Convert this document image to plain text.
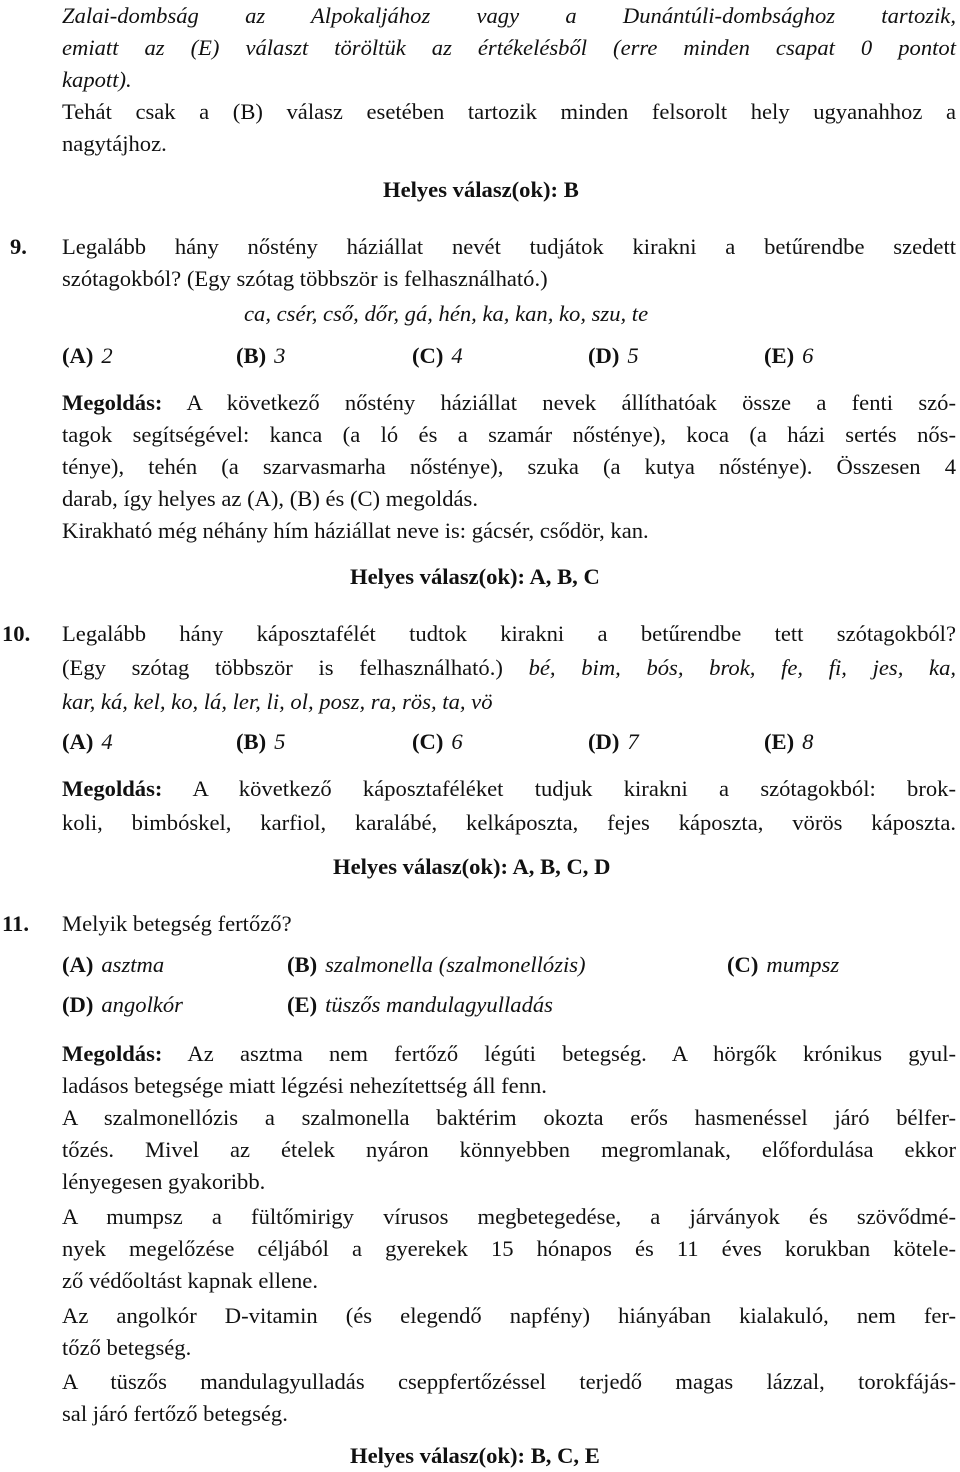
Zalai-dombság az Alpokaljához vagy a Dunántúli-dombsághoz tartozik,
emiatt az (E) választ töröltük az értékelésből (erre minden csapat 0 pontot
kapott).
Tehát csak a (B) válasz esetében tartozik minden felsorolt hely ugyanahhoz a
nagytájhoz.
Helyes válasz(ok): B
9. Legalább hány nőstény háziállat nevét tudjátok kirakni a betűrendbe szedett
szótagokból? (Egy szótag többször is felhasználható.)
ca, csér, cső, dőr, gá, hén, ka, kan, ko, szu, te
(A) 2	(B) 3	(C) 4	(D) 5	(E) 6
Megoldás: A következő nőstény háziállat nevek állíthatóak össze a fenti szó-
tagok segítségével: kanca (a ló és a szamár nősténye), koca (a házi sertés nős-
ténye), tehén (a szarvasmarha nősténye), szuka (a kutya nősténye). Összesen 4
darab, így helyes az (A), (B) és (C) megoldás.
Kirakható még néhány hím háziállat neve is: gácsér, csődör, kan.
Helyes válasz(ok): A, B, C
10. Legalább hány káposztafélét tudtok kirakni a betűrendbe tett szótagokból?
(Egy szótag többször is felhasználható.) bé, bim, bós, brok, fe, fi, jes, ka,
kar, ká, kel, ko, lá, ler, li, ol, posz, ra, rös, ta, vö
(A) 4	(B) 5	(C) 6	(D) 7	(E) 8
Megoldás: A következő káposztaféléket tudjuk kirakni a szótagokból: brok-
koli, bimbóskel, karfiol, karalábé, kelkáposzta, fejes káposzta, vörös káposzta.
Helyes válasz(ok): A, B, C, D
11. Melyik betegség fertőző?
(A) asztma	(B) szalmonella (szalmonellózis)	(C) mumpsz
(D) angolkór	(E) tüszős mandulagyulladás
Megoldás: Az asztma nem fertőző légúti betegség. A hörgők krónikus gyul-
ladásos betegsége miatt légzési nehezítettség áll fenn.
A szalmonellózis a szalmonella baktérim okozta erős hasmenéssel járó bélfer-
tőzés. Mivel az ételek nyáron könnyebben megromlanak, előfordulása ekkor
lényegesen gyakoribb.
A mumpsz a fültőmirigy vírusos megbetegedése, a járványok és szövődmé-
nyek megelőzése céljából a gyerekek 15 hónapos és 11 éves korukban kötele-
ző védőoltást kapnak ellene.
Az angolkór D-vitamin (és elegendő napfény) hiányában kialakuló, nem fer-
tőző betegség.
A tüszős mandulagyulladás cseppfertőzéssel terjedő magas lázzal, torokfájás-
sal járó fertőző betegség.
Helyes válasz(ok): B, C, E
